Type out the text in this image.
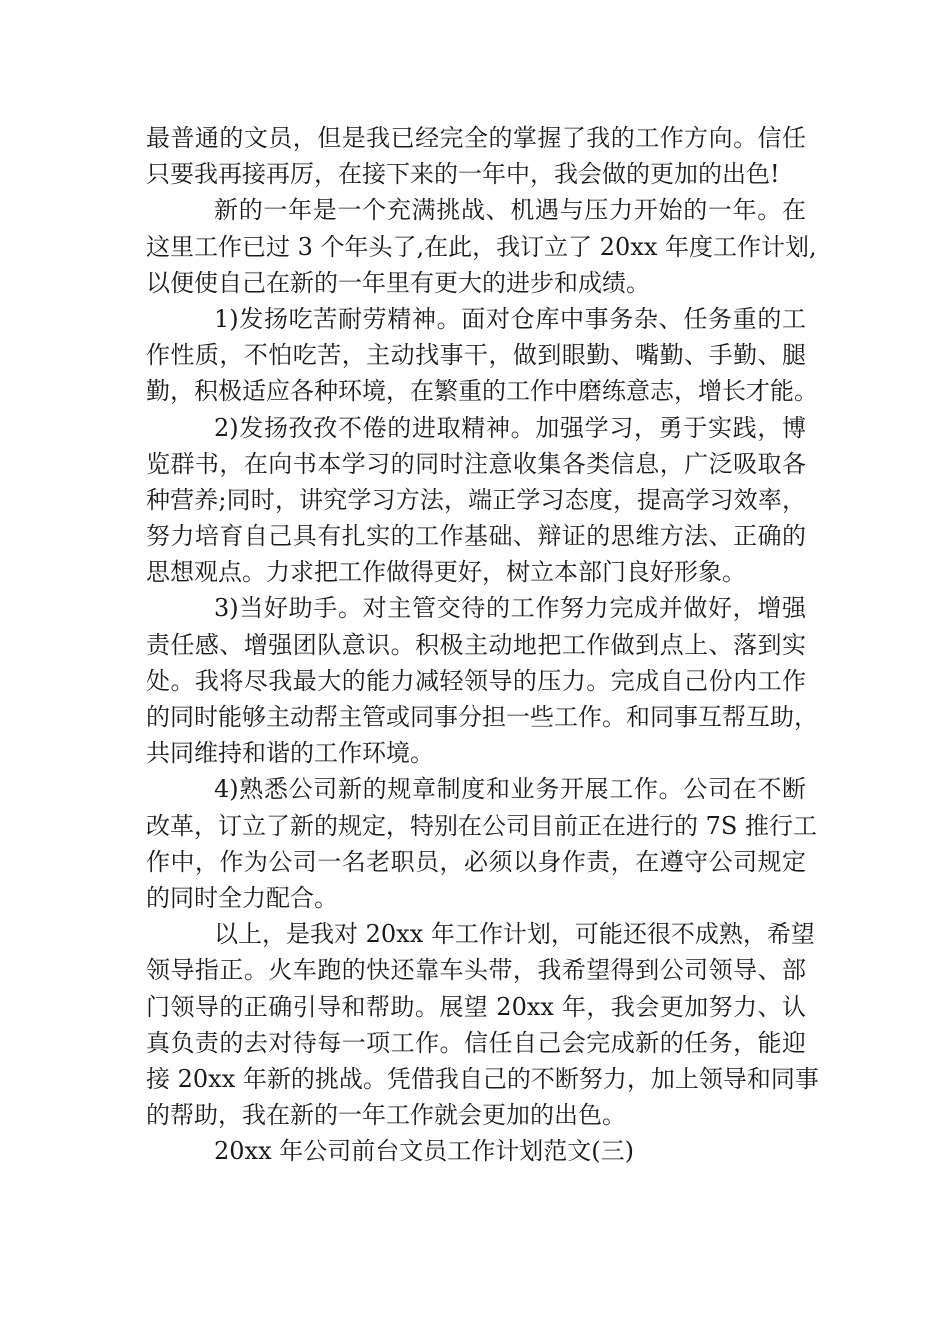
最普通的文员，但是我已经完全的掌握了我的工作方向。信任
只要我再接再厉，在接下来的一年中，我会做的更加的出色!
新的一年是一个充满挑战、机遇与压力开始的一年。在
这里工作已过 3 个年头了,在此，我订立了 20xx 年度工作计划,
以便使自己在新的一年里有更大的进步和成绩。
1)发扬吃苦耐劳精神。面对仓库中事务杂、任务重的工
作性质，不怕吃苦，主动找事干，做到眼勤、嘴勤、手勤、腿
勤，积极适应各种环境，在繁重的工作中磨练意志，增长才能。
2)发扬孜孜不倦的进取精神。加强学习，勇于实践，博
览群书，在向书本学习的同时注意收集各类信息，广泛吸取各
种营养;同时，讲究学习方法，端正学习态度，提高学习效率，
努力培育自己具有扎实的工作基础、辩证的思维方法、正确的
思想观点。力求把工作做得更好，树立本部门良好形象。
3)当好助手。对主管交待的工作努力完成并做好，增强
责任感、增强团队意识。积极主动地把工作做到点上、落到实
处。我将尽我最大的能力减轻领导的压力。完成自己份内工作
的同时能够主动帮主管或同事分担一些工作。和同事互帮互助，
共同维持和谐的工作环境。
4)熟悉公司新的规章制度和业务开展工作。公司在不断
改革，订立了新的规定，特别在公司目前正在进行的 7S 推行工
作中，作为公司一名老职员，必须以身作责，在遵守公司规定
的同时全力配合。
以上，是我对 20xx 年工作计划，可能还很不成熟，希望
领导指正。火车跑的快还靠车头带，我希望得到公司领导、部
门领导的正确引导和帮助。展望 20xx 年，我会更加努力、认
真负责的去对待每一项工作。信任自己会完成新的任务，能迎
接 20xx 年新的挑战。凭借我自己的不断努力，加上领导和同事
的帮助，我在新的一年工作就会更加的出色。
20xx 年公司前台文员工作计划范文(三)
